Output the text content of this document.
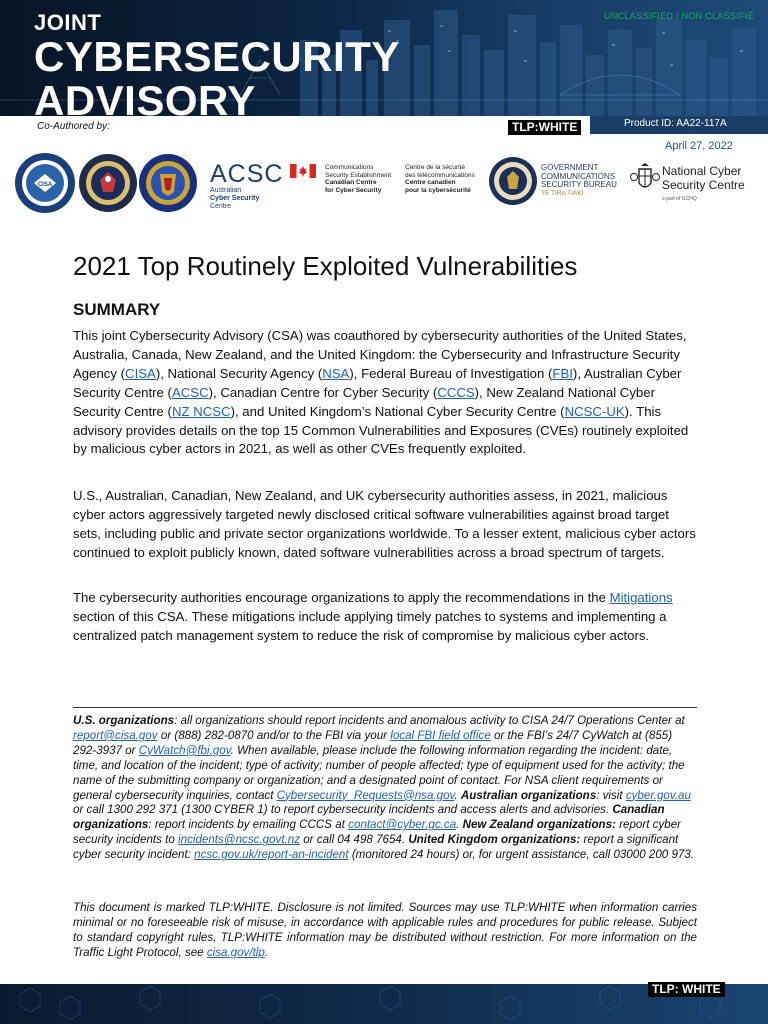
JOINT
CYBERSECURITY
ADVISORY
UNCLASSIFIED / NON CLASSIFIÉ
Co-Authored by:	TLP:WHITE	Product ID: AA22-117A
April 27, 2022
CISA	ACSC
Australian
Cyber Security
Centre
Communications
Security Establishment
Canadian Centre
for Cyber Security
Centre de la sécurité
des télécommunications
Centre canadien
pour la cybersécurité
GOVERNMENT
COMMUNICATIONS
SECURITY BUREAU
TE TIRA TIAKI
National Cyber
Security Centre
a part of GCHQ
2021 Top Routinely Exploited Vulnerabilities
SUMMARY

This joint Cybersecurity Advisory (CSA) was coauthored by cybersecurity authorities of the United States, Australia, Canada, New Zealand, and the United Kingdom: the Cybersecurity and Infrastructure Security Agency (CISA), National Security Agency (NSA), Federal Bureau of Investigation (FBI), Australian Cyber Security Centre (ACSC), Canadian Centre for Cyber Security (CCCS), New Zealand National Cyber Security Centre (NZ NCSC), and United Kingdom’s National Cyber Security Centre (NCSC-UK). This advisory provides details on the top 15 Common Vulnerabilities and Exposures (CVEs) routinely exploited by malicious cyber actors in 2021, as well as other CVEs frequently exploited.

U.S., Australian, Canadian, New Zealand, and UK cybersecurity authorities assess, in 2021, malicious cyber actors aggressively targeted newly disclosed critical software vulnerabilities against broad target sets, including public and private sector organizations worldwide. To a lesser extent, malicious cyber actors continued to exploit publicly known, dated software vulnerabilities across a broad spectrum of targets.

The cybersecurity authorities encourage organizations to apply the recommendations in the Mitigations section of this CSA. These mitigations include applying timely patches to systems and implementing a centralized patch management system to reduce the risk of compromise by malicious cyber actors.

U.S. organizations: all organizations should report incidents and anomalous activity to CISA 24/7 Operations Center at report@cisa.gov or (888) 282-0870 and/or to the FBI via your local FBI field office or the FBI’s 24/7 CyWatch at (855) 292-3937 or CyWatch@fbi.gov. When available, please include the following information regarding the incident: date, time, and location of the incident; type of activity; number of people affected; type of equipment used for the activity; the name of the submitting company or organization; and a designated point of contact. For NSA client requirements or general cybersecurity inquiries, contact Cybersecurity_Requests@nsa.gov. Australian organizations: visit cyber.gov.au or call 1300 292 371 (1300 CYBER 1) to report cybersecurity incidents and access alerts and advisories. Canadian organizations: report incidents by emailing CCCS at contact@cyber.gc.ca. New Zealand organizations: report cyber security incidents to incidents@ncsc.govt.nz or call 04 498 7654. United Kingdom organizations: report a significant cyber security incident: ncsc.gov.uk/report-an-incident (monitored 24 hours) or, for urgent assistance, call 03000 200 973.

This document is marked TLP:WHITE. Disclosure is not limited. Sources may use TLP:WHITE when information carries minimal or no foreseeable risk of misuse, in accordance with applicable rules and procedures for public release. Subject to standard copyright rules, TLP:WHITE information may be distributed without restriction. For more information on the Traffic Light Protocol, see cisa.gov/tlp.

TLP: WHITE
